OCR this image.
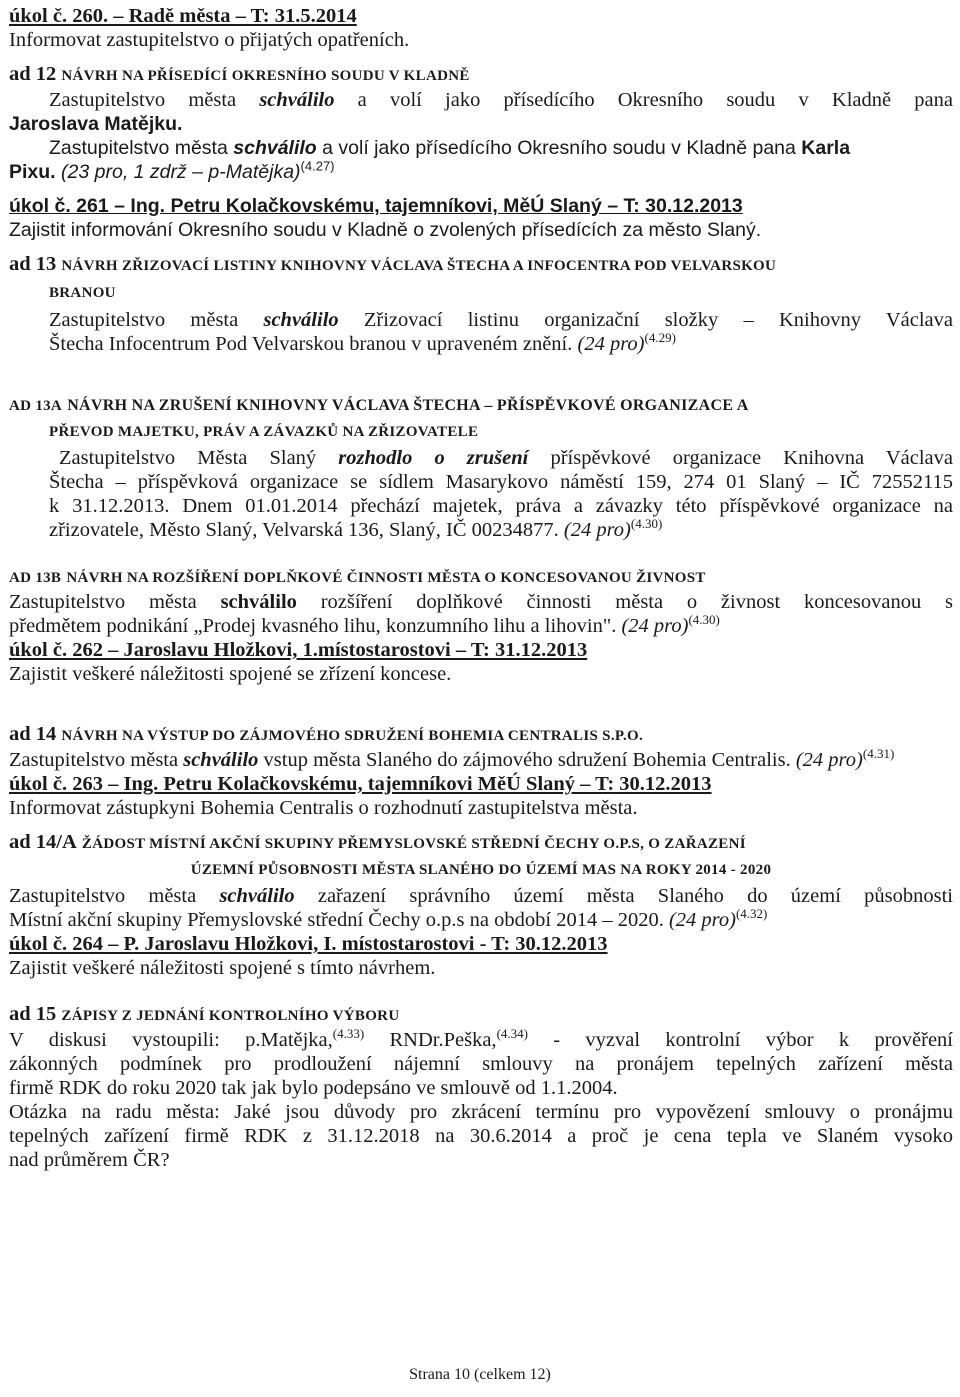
úkol č. 260. – Radě města – T: 31.5.2014
Informovat zastupitelstvo o přijatých opatřeních.
ad 12 NÁVRH NA PŘÍSEDÍCÍ OKRESNÍHO SOUDU V KLADNĚ
Zastupitelstvo města schválilo a volí jako přísedícího Okresního soudu v Kladně pana
Jaroslava Matějku.
Zastupitelstvo města schválilo a volí jako přísedícího Okresního soudu v Kladně pana Karla
Pixu. (23 pro, 1 zdrž – p-Matějka)$^{(4.27)}$
úkol č. 261 – Ing. Petru Kolačkovskému, tajemníkovi, MěÚ Slaný – T: 30.12.2013
Zajistit informování Okresního soudu v Kladně o zvolených přísedících za město Slaný.
ad 13 NÁVRH ZŘIZOVACÍ LISTINY KNIHOVNY VÁCLAVA ŠTECHA A INFOCENTRA POD VELVARSKOU
BRANOU
Zastupitelstvo města schválilo Zřizovací listinu organizační složky – Knihovny Václava
Štecha Infocentrum Pod Velvarskou branou v upraveném znění. (24 pro)$^{(4.29)}$
AD 13A NÁVRH NA ZRUŠENÍ KNIHOVNY VÁCLAVA ŠTECHA – PŘÍSPĚVKOVÉ ORGANIZACE A
PŘEVOD MAJETKU, PRÁV A ZÁVAZKŮ NA ZŘIZOVATELE
Zastupitelstvo Města Slaný rozhodlo o zrušení příspěvkové organizace Knihovna Václava
Štecha – příspěvková organizace se sídlem Masarykovo náměstí 159, 274 01 Slaný – IČ 72552115
k 31.12.2013. Dnem 01.01.2014 přechází majetek, práva a závazky této příspěvkové organizace na
zřizovatele, Město Slaný, Velvarská 136, Slaný, IČ 00234877. (24 pro)$^{(4.30)}$
AD 13B NÁVRH NA ROZŠÍŘENÍ DOPLŇKOVÉ ČINNOSTI MĚSTA O KONCESOVANOU ŽIVNOST
Zastupitelstvo města schválilo rozšíření doplňkové činnosti města o živnost koncesovanou s
předmětem podnikání „Prodej kvasného lihu, konzumního lihu a lihovin". (24 pro)$^{(4.30)}$
úkol č. 262 – Jaroslavu Hložkovi, 1.místostarostovi – T: 31.12.2013
Zajistit veškeré náležitosti spojené se zřízení koncese.
ad 14 NÁVRH NA VÝSTUP DO ZÁJMOVÉHO SDRUŽENÍ BOHEMIA CENTRALIS S.P.O.
Zastupitelstvo města schválilo vstup města Slaného do zájmového sdružení Bohemia Centralis. (24 pro)$^{(4.31)}$
úkol č. 263 – Ing. Petru Kolačkovskému, tajemníkovi MěÚ Slaný – T: 30.12.2013
Informovat zástupkyni Bohemia Centralis o rozhodnutí zastupitelstva města.
ad 14/A ŽÁDOST MÍSTNÍ AKČNÍ SKUPINY PŘEMYSLOVSKÉ STŘEDNÍ ČECHY O.P.S, O ZAŘAZENÍ
ÚZEMNÍ PŮSOBNOSTI MĚSTA SLANÉHO DO ÚZEMÍ MAS NA ROKY 2014 - 2020
Zastupitelstvo města schválilo zařazení správního území města Slaného do území působnosti
Místní akční skupiny Přemyslovské střední Čechy o.p.s na období 2014 – 2020. (24 pro)$^{(4.32)}$
úkol č. 264 – P. Jaroslavu Hložkovi, I. místostarostovi - T: 30.12.2013
Zajistit veškeré náležitosti spojené s tímto návrhem.
ad 15 ZÁPISY Z JEDNÁNÍ KONTROLNÍHO VÝBORU
V diskusi vystoupili: p.Matějka,$^{(4.33)}$ RNDr.Peška,$^{(4.34)}$ - vyzval kontrolní výbor k prověření
zákonných podmínek pro prodloužení nájemní smlouvy na pronájem tepelných zařízení města
firmě RDK do roku 2020 tak jak bylo podepsáno ve smlouvě od 1.1.2004.
Otázka na radu města: Jaké jsou důvody pro zkrácení termínu pro vypovězení smlouvy o pronájmu
tepelných zařízení firmě RDK z 31.12.2018 na 30.6.2014 a proč je cena tepla ve Slaném vysoko
nad průměrem ČR?
Strana 10 (celkem 12)
